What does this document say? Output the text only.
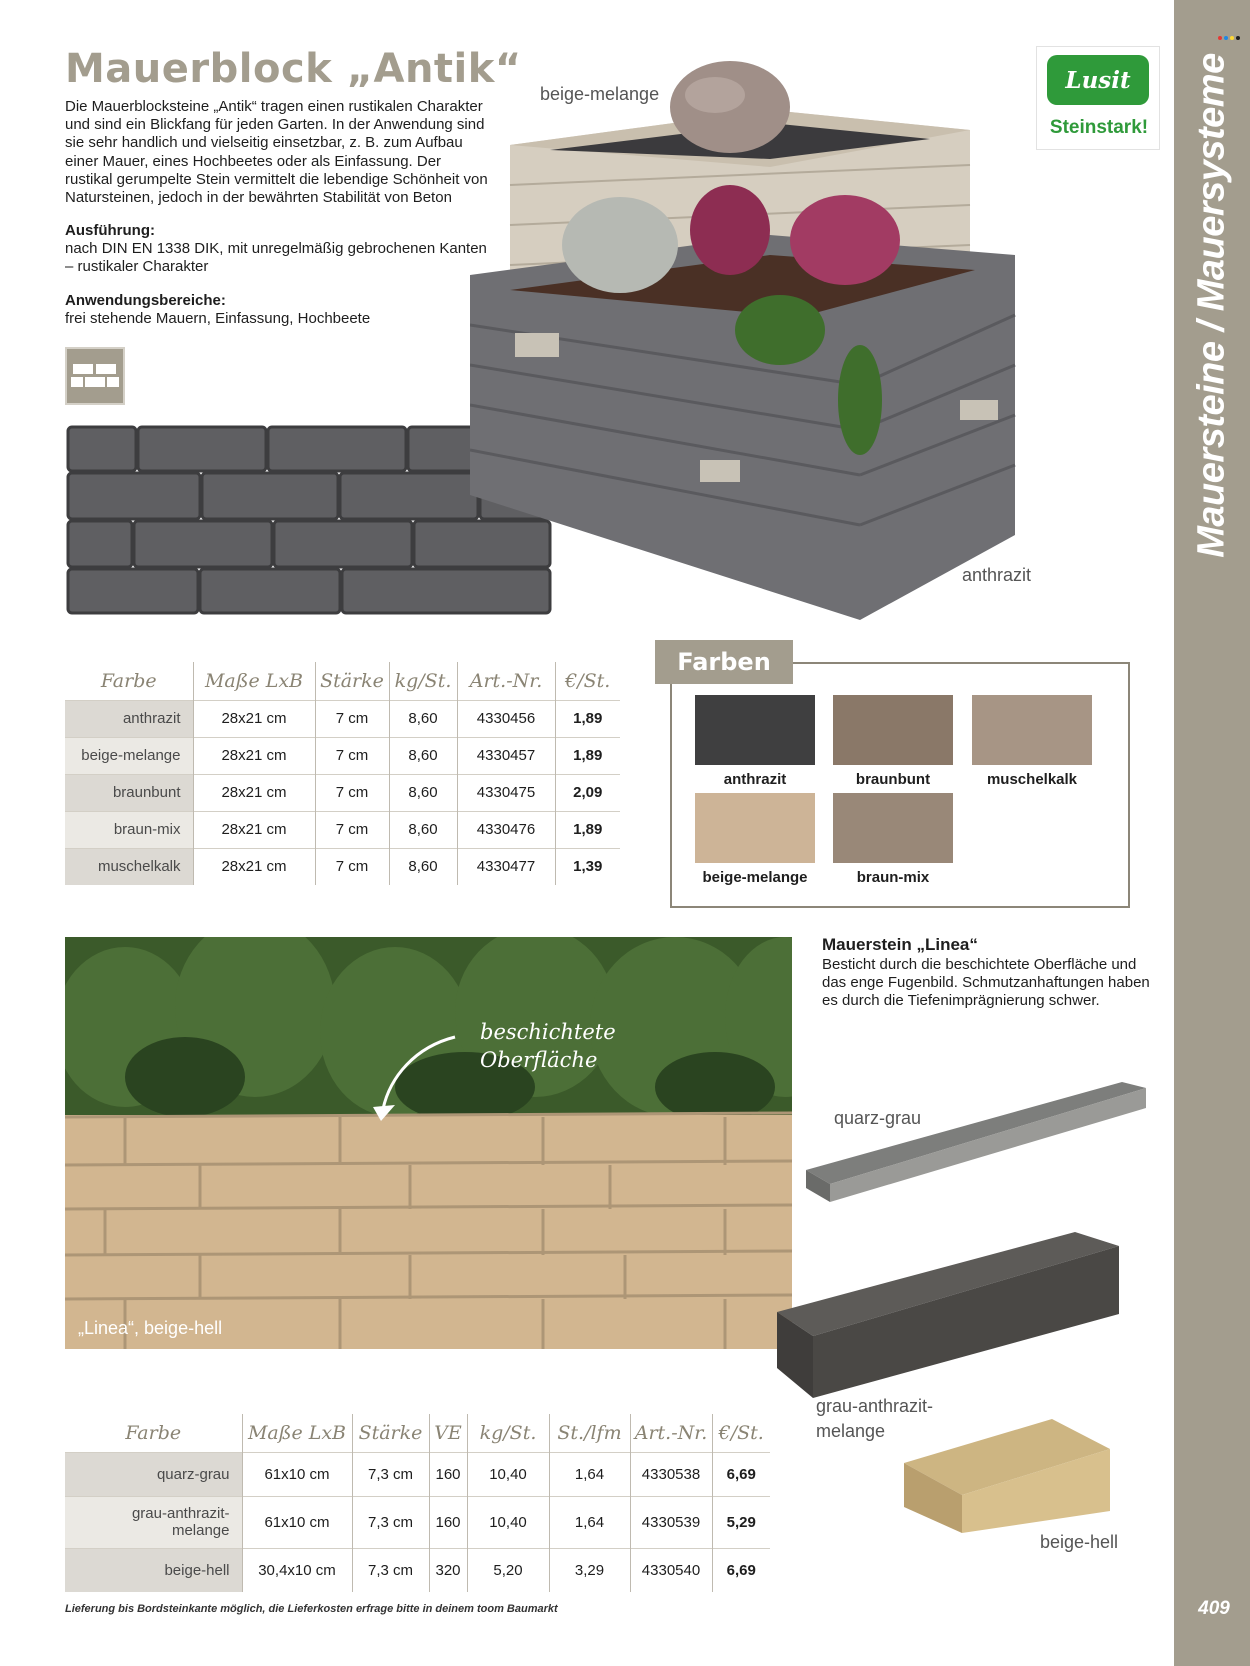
Mauersteine / Mauersysteme
409
Mauerblock „Antik“
Die Mauerblocksteine „Antik“ tragen einen rustikalen Charakter und sind ein Blickfang für jeden Garten. In der Anwendung sind sie sehr handlich und vielseitig einsetzbar, z. B. zum Aufbau einer Mauer, eines Hochbeetes oder als Einfassung. Der rustikal gerumpelte Stein vermittelt die lebendige Schönheit von Natursteinen, jedoch in der bewährten Stabilität von Beton
Ausführung:
nach DIN EN 1338 DIK, mit unregelmäßig gebrochenen Kanten – rustikaler Charakter
Anwendungsbereiche:
frei stehende Mauern, Einfassung, Hochbeete
Lusit
Steinstark!
beige-melange
anthrazit
Farbe	Maße LxB	Stärke	kg/St.	Art.-Nr.	€/St.
anthrazit	28x21 cm	7 cm	8,60	4330456	1,89
beige-melange	28x21 cm	7 cm	8,60	4330457	1,89
braunbunt	28x21 cm	7 cm	8,60	4330475	2,09
braun-mix	28x21 cm	7 cm	8,60	4330476	1,89
muschelkalk	28x21 cm	7 cm	8,60	4330477	1,39
Farben
anthrazit	braunbunt	muschelkalk
beige-melange	braun-mix
beschichtete
Oberfläche
„Linea“, beige-hell
Mauerstein „Linea“
Besticht durch die beschichtete Oberfläche und das enge Fugenbild. Schmutzanhaftungen haben es durch die Tiefenimprägnierung schwer.
quarz-grau
grau-anthrazit-
melange
beige-hell
Farbe	Maße LxB	Stärke	VE	kg/St.	St./lfm	Art.-Nr.	€/St.
quarz-grau	61x10 cm	7,3 cm	160	10,40	1,64	4330538	6,69
grau-anthrazit-
melange	61x10 cm	7,3 cm	160	10,40	1,64	4330539	5,29
beige-hell	30,4x10 cm	7,3 cm	320	5,20	3,29	4330540	6,69
Lieferung bis Bordsteinkante möglich, die Lieferkosten erfrage bitte in deinem toom Baumarkt
